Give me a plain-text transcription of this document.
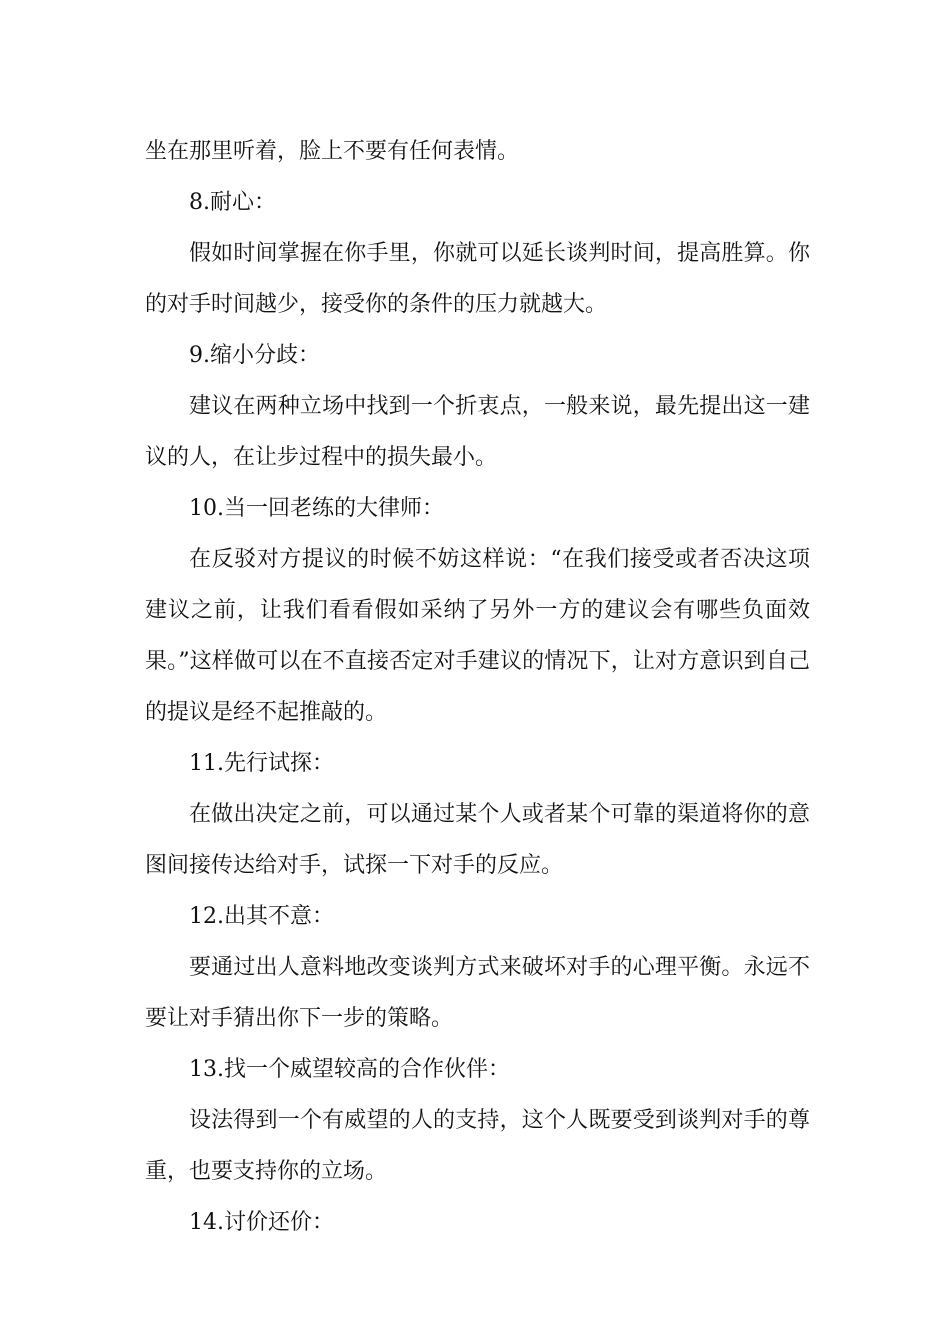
坐在那里听着，脸上不要有任何表情。

8.耐心：

假如时间掌握在你手里，你就可以延长谈判时间，提高胜算。你的对手时间越少，接受你的条件的压力就越大。

9.缩小分歧：

建议在两种立场中找到一个折衷点，一般来说，最先提出这一建议的人，在让步过程中的损失最小。

10.当一回老练的大律师：

在反驳对方提议的时候不妨这样说：“在我们接受或者否决这项建议之前，让我们看看假如采纳了另外一方的建议会有哪些负面效果。”这样做可以在不直接否定对手建议的情况下，让对方意识到自己的提议是经不起推敲的。

11.先行试探：

在做出决定之前，可以通过某个人或者某个可靠的渠道将你的意图间接传达给对手，试探一下对手的反应。

12.出其不意：

要通过出人意料地改变谈判方式来破坏对手的心理平衡。永远不要让对手猜出你下一步的策略。

13.找一个威望较高的合作伙伴：

设法得到一个有威望的人的支持，这个人既要受到谈判对手的尊重，也要支持你的立场。

14.讨价还价：
